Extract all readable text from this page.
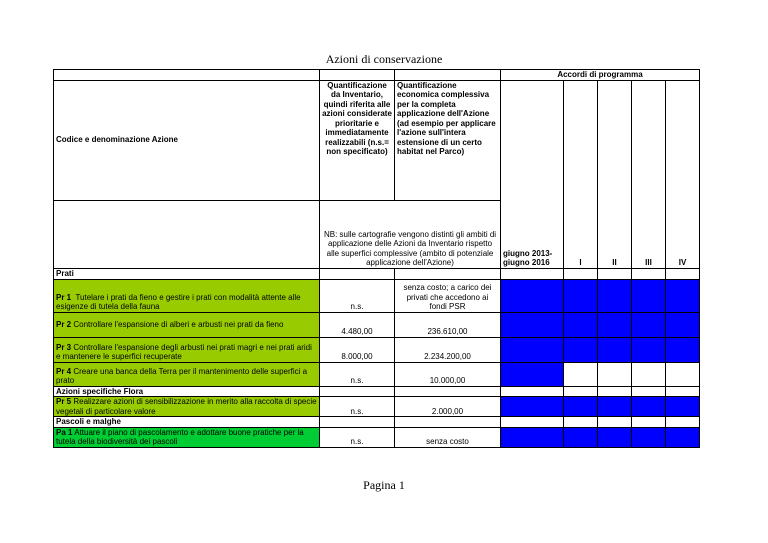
Azioni di conservazione
			Accordi di programma				
Codice e denominazione Azione	Quantificazione da Inventario, quindi riferita alle azioni considerate prioritarie e immediatamente realizzabili (n.s.= non specificato)	Quantificazione economica complessiva per la completa applicazione dell'Azione (ad esempio per applicare l'azione sull'intera estensione di un certo habitat nel Parco)	giugno 2013-giugno 2016	I	II	III	IV
	NB: sulle cartografie vengono distinti gli ambiti di applicazione delle Azioni da Inventario rispetto alle superfici complessive (ambito di potenziale applicazione dell'Azione)						
Prati							
Pr 1 Tutelare i prati da fieno e gestire i prati con modalità attente alle esigenze di tutela della fauna	n.s.	senza costo; a carico dei privati che accedono ai fondi PSR					
Pr 2 Controllare l'espansione di alberi e arbusti nei prati da fieno	4.480,00	236.610,00					
Pr 3 Controllare l'espansione degli arbusti nei prati magri e nei prati aridi e mantenere le superfici recuperate	8.000,00	2.234.200,00					
Pr 4 Creare una banca della Terra per il mantenimento delle superfici a prato	n.s.	10.000,00					
Azioni specifiche Flora							
Pr 5 Realizzare azioni di sensibilizzazione in merito alla raccolta di specie vegetali di particolare valore	n.s.	2.000,00					
Pascoli e malghe							
Pa 1 Attuare il piano di pascolamento e adottare buone pratiche per la tutela della biodiversità dei pascoli	n.s.	senza costo					
Pagina 1
